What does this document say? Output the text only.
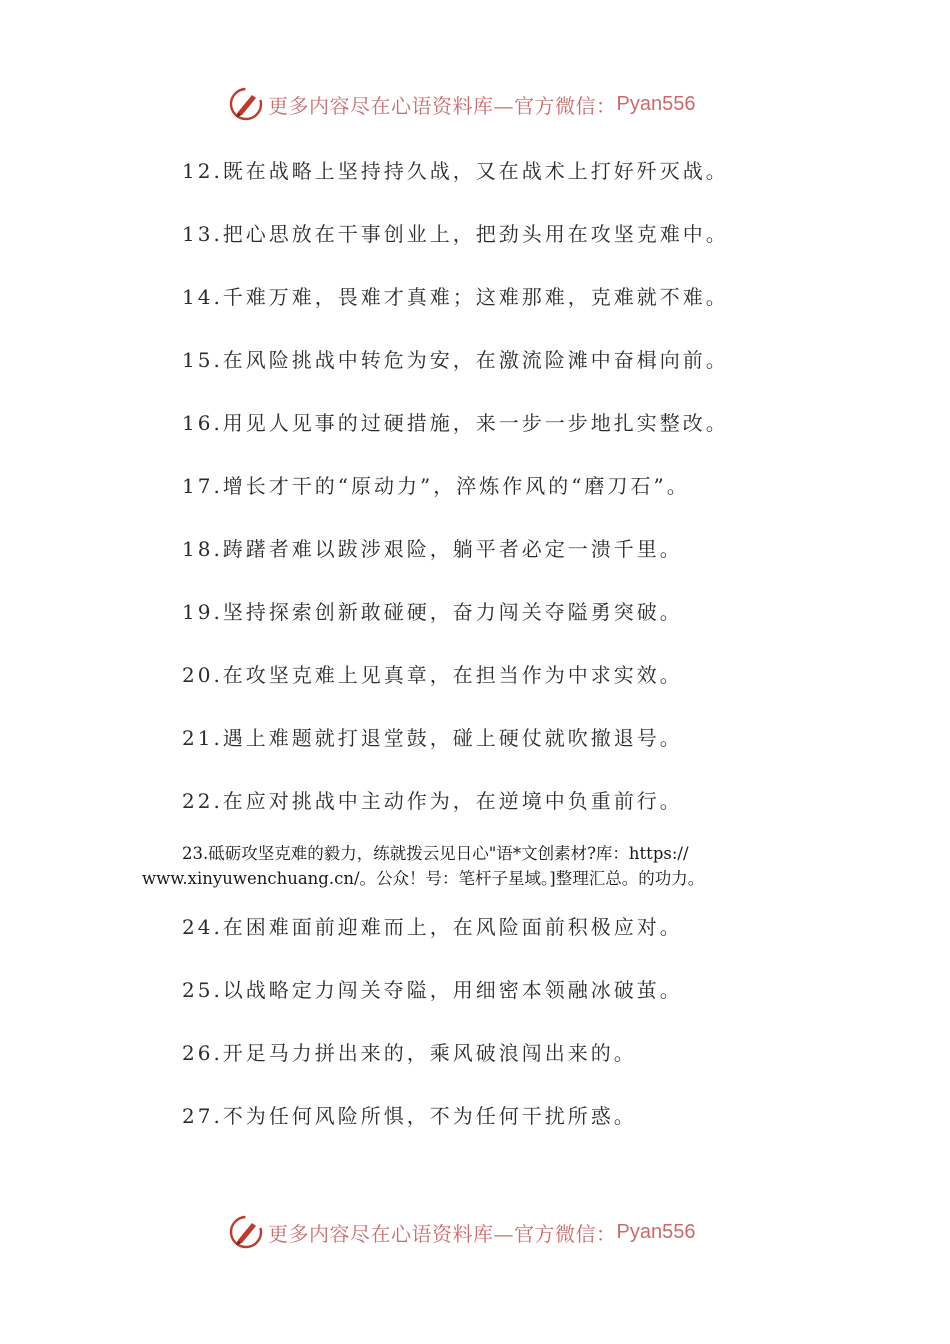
更多内容尽在心语资料库—官方微信： Pyan556
12.既在战略上坚持持久战，又在战术上打好歼灭战。
13.把心思放在干事创业上，把劲头用在攻坚克难中。
14.千难万难，畏难才真难；这难那难，克难就不难。
15.在风险挑战中转危为安，在激流险滩中奋楫向前。
16.用见人见事的过硬措施，来一步一步地扎实整改。
17.增长才干的“原动力”，淬炼作风的“磨刀石”。
18.踌躇者难以跋涉艰险，躺平者必定一溃千里。
19.坚持探索创新敢碰硬，奋力闯关夺隘勇突破。
20.在攻坚克难上见真章，在担当作为中求实效。
21.遇上难题就打退堂鼓，碰上硬仗就吹撤退号。
22.在应对挑战中主动作为，在逆境中负重前行。
23.砥砺攻坚克难的毅力，练就拨云见日心"语*文创素材?库：https://
www.xinyuwenchuang.cn/。公众！号：笔杆子星域。]整理汇总。的功力。
24.在困难面前迎难而上，在风险面前积极应对。
25.以战略定力闯关夺隘，用细密本领融冰破茧。
26.开足马力拼出来的，乘风破浪闯出来的。
27.不为任何风险所惧，不为任何干扰所惑。
更多内容尽在心语资料库—官方微信： Pyan556
